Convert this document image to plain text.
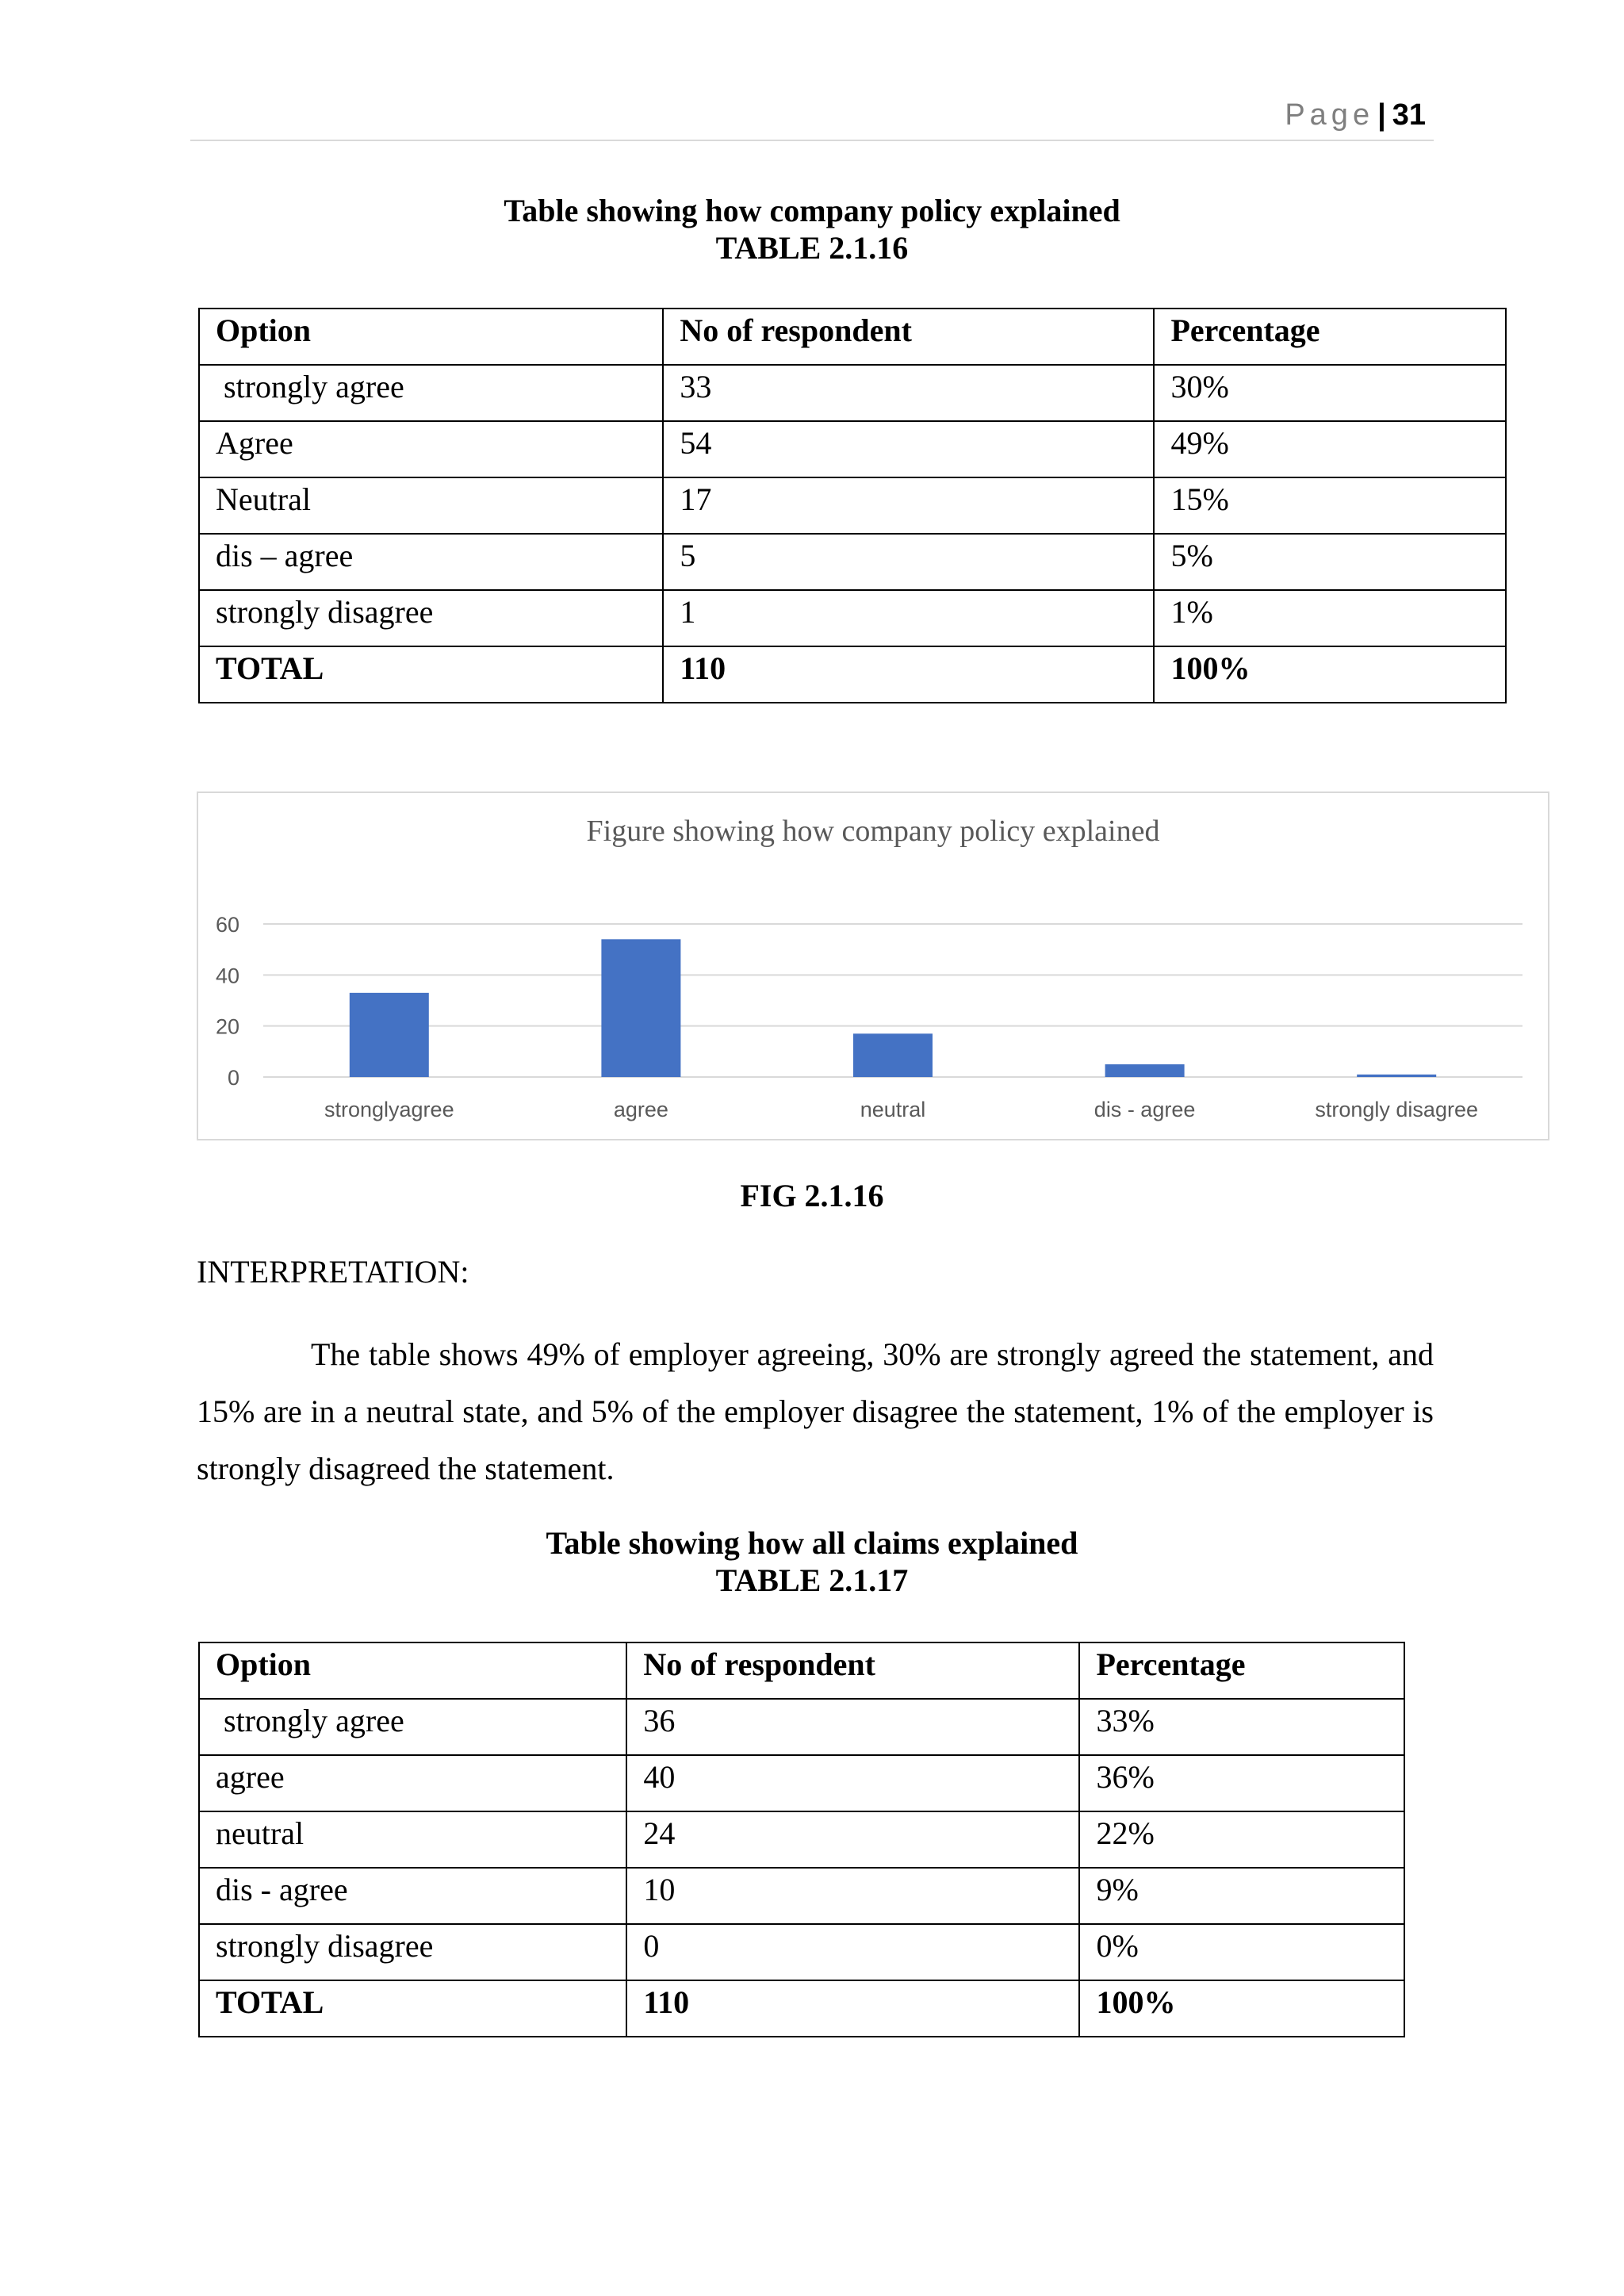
Page | 31
Table showing how company policy explained
TABLE 2.1.16
Option	No of respondent	Percentage
strongly agree	33	30%
Agree	54	49%
Neutral	17	15%
dis – agree	5	5%
strongly disagree	1	1%
TOTAL	110	100%
Figure showing how company policy explained
0
20
40
60
stronglyagree	agree	neutral	dis - agree	strongly disagree
FIG 2.1.16
INTERPRETATION:

The table shows 49% of employer agreeing, 30% are strongly agreed the statement, and 15% are in a neutral state, and 5% of the employer disagree the statement, 1% of the employer is strongly disagreed the statement.

Table showing how all claims explained
TABLE 2.1.17
Option	No of respondent	Percentage
strongly agree	36	33%
agree	40	36%
neutral	24	22%
dis - agree	10	9%
strongly disagree	0	0%
TOTAL	110	100%
